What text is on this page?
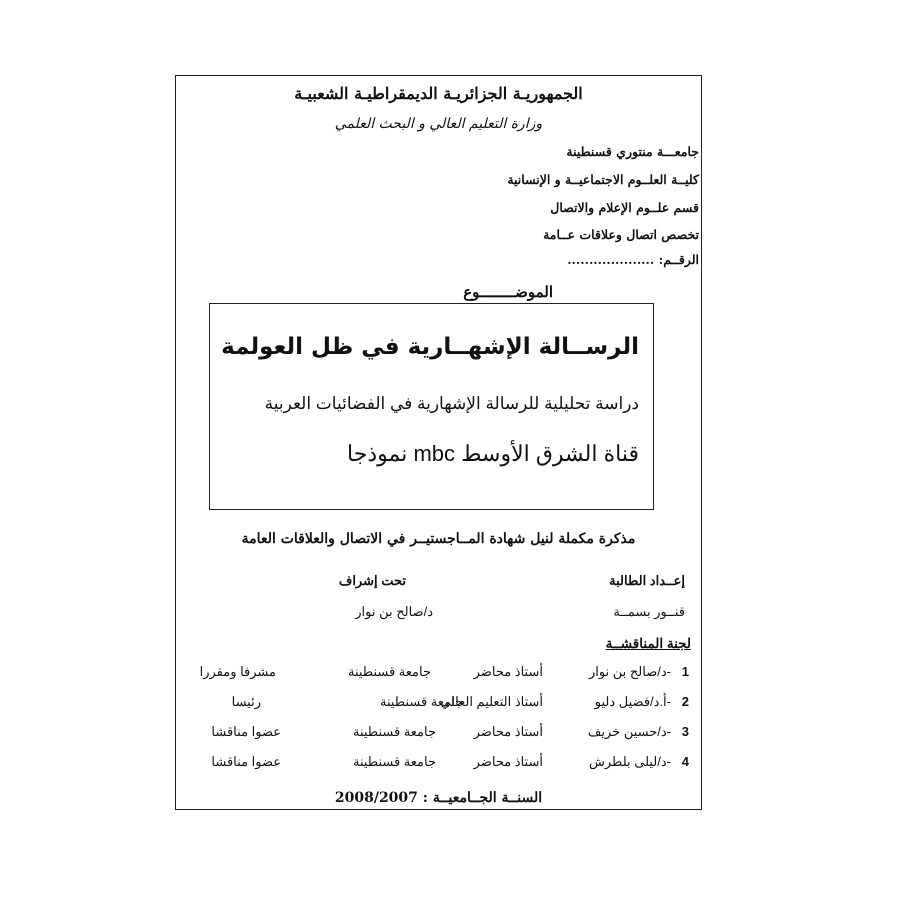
الجمهوريـة الجزائريـة الديمقراطيـة الشعبيـة
وزارة التعليم العالي و البحث العلمي
جامعـــة منتوري قسنطينة
كليــة العلــوم الاجتماعيــة و الإنسانية
قسم علــوم الإعلام والاتصال
تخصص اتصال وعلاقات عــامة
الرقــم: ....................
الموضــــــــوع
الرســالة الإشهــارية في ظل العولمة
دراسة تحليلية للرسالة الإشهارية في الفضائيات العربية
قناة الشرق الأوسط mbc نموذجا
مذكرة مكملة لنيل شهادة المــاجستيــر في الاتصال والعلاقات العامة
إعــداد الطالبة
تحت إشراف
قنــور بسمــة
د/صالح بن نوار
لجنة المناقشــة
1
-د/صالح بن نوار
أستاذ محاضر
جامعة قسنطينة
مشرفا ومقررا
2
-أ.د/فضيل دليو
أستاذ التعليم العالي
جامعة قسنطينة
رئيسا
3
-د/حسين خريف
أستاذ محاضر
جامعة قسنطينة
عضوا مناقشا
4
-د/ليلى بلطرش
أستاذ محاضر
جامعة قسنطينة
عضوا مناقشا
السنــة الجــامعيــة : 2008/2007
